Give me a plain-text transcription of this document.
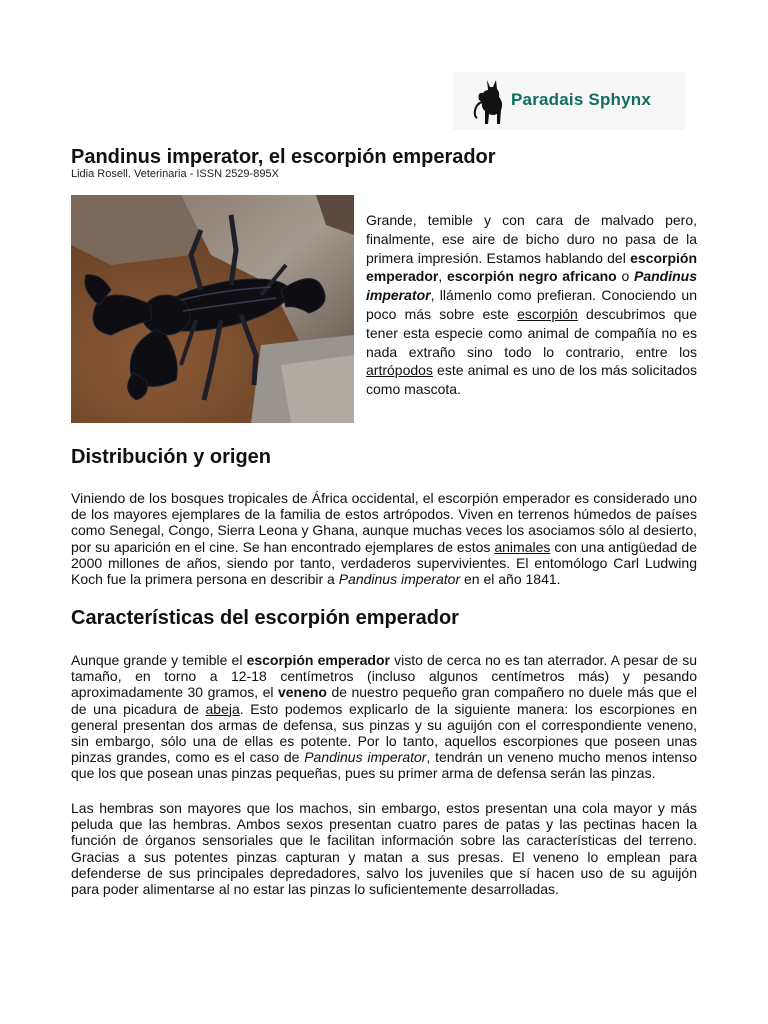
Paradais Sphynx
Pandinus imperator, el escorpión emperador
Lidia Rosell. Veterinaria - ISSN 2529-895X

Grande, temible y con cara de malvado pero, finalmente, ese aire de bicho duro no pasa de la primera impresión. Estamos hablando del escorpión emperador, escorpión negro africano o Pandinus imperator, llámenlo como prefieran. Conociendo un poco más sobre este escorpión descubrimos que tener esta especie como animal de compañía no es nada extraño sino todo lo contrario, entre los artrópodos este animal es uno de los más solicitados como mascota.

Distribución y origen

Viniendo de los bosques tropicales de África occidental, el escorpión emperador es considerado uno de los mayores ejemplares de la familia de estos artrópodos. Viven en terrenos húmedos de países como Senegal, Congo, Sierra Leona y Ghana, aunque muchas veces los asociamos sólo al desierto, por su aparición en el cine. Se han encontrado ejemplares de estos animales con una antigüedad de 2000 millones de años, siendo por tanto, verdaderos supervivientes. El entomólogo Carl Ludwing Koch fue la primera persona en describir a Pandinus imperator en el año 1841.

Características del escorpión emperador

Aunque grande y temible el escorpión emperador visto de cerca no es tan aterrador. A pesar de su tamaño, en torno a 12-18 centímetros (incluso algunos centímetros más) y pesando aproximadamente 30 gramos, el veneno de nuestro pequeño gran compañero no duele más que el de una picadura de abeja. Esto podemos explicarlo de la siguiente manera: los escorpiones en general presentan dos armas de defensa, sus pinzas y su aguijón con el correspondiente veneno, sin embargo, sólo una de ellas es potente. Por lo tanto, aquellos escorpiones que poseen unas pinzas grandes, como es el caso de Pandinus imperator, tendrán un veneno mucho menos intenso que los que posean unas pinzas pequeñas, pues su primer arma de defensa serán las pinzas.

Las hembras son mayores que los machos, sin embargo, estos presentan una cola mayor y más peluda que las hembras. Ambos sexos presentan cuatro pares de patas y las pectinas hacen la función de órganos sensoriales que le facilitan información sobre las características del terreno. Gracias a sus potentes pinzas capturan y matan a sus presas. El veneno lo emplean para defenderse de sus principales depredadores, salvo los juveniles que sí hacen uso de su aguijón para poder alimentarse al no estar las pinzas lo suficientemente desarrolladas.
